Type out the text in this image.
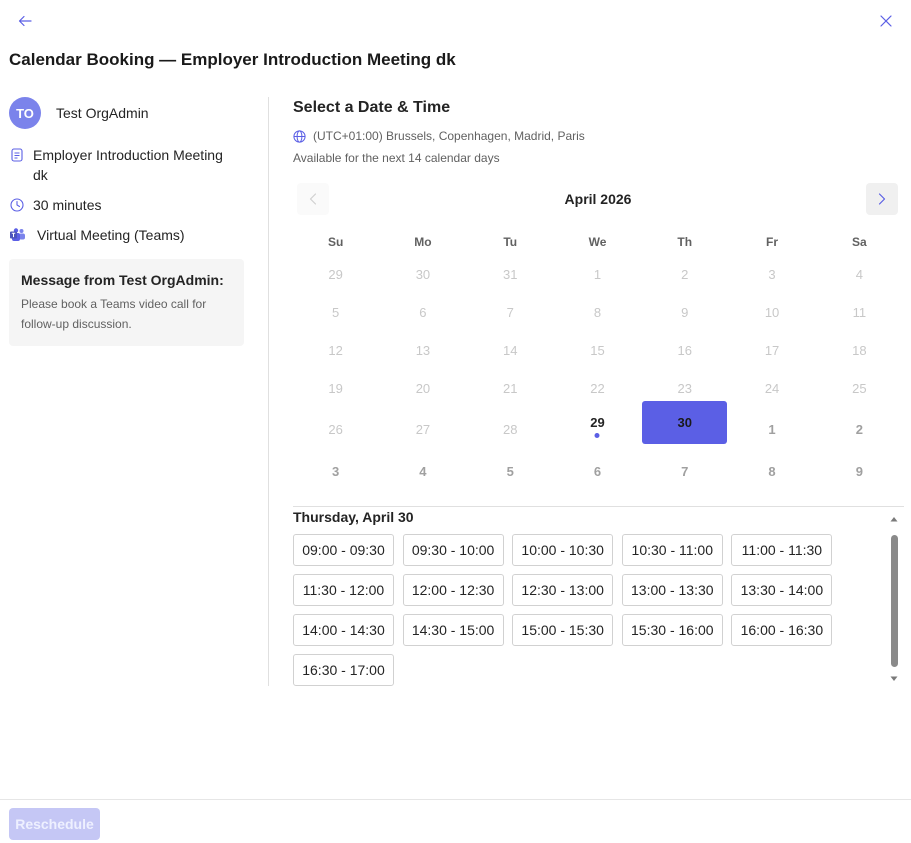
Calendar Booking — Employer Introduction Meeting dk
TO	Test OrgAdmin
Employer Introduction Meeting dk
30 minutes
Virtual Meeting (Teams)
Message from Test OrgAdmin:
Please book a Teams video call for follow-up discussion.
Select a Date & Time
(UTC+01:00) Brussels, Copenhagen, Madrid, Paris
Available for the next 14 calendar days
April 2026
Su	Mo	Tu	We	Th	Fr	Sa
29	30	31	1	2	3	4
5	6	7	8	9	10	11
12	13	14	15	16	17	18
19	20	21	22	23	24	25
26	27	28	29	30	1	2
3	4	5	6	7	8	9
Thursday, April 30
09:00 - 09:30	09:30 - 10:00	10:00 - 10:30	10:30 - 11:00	11:00 - 11:30
11:30 - 12:00	12:00 - 12:30	12:30 - 13:00	13:00 - 13:30	13:30 - 14:00
14:00 - 14:30	14:30 - 15:00	15:00 - 15:30	15:30 - 16:00	16:00 - 16:30
16:30 - 17:00
Reschedule
